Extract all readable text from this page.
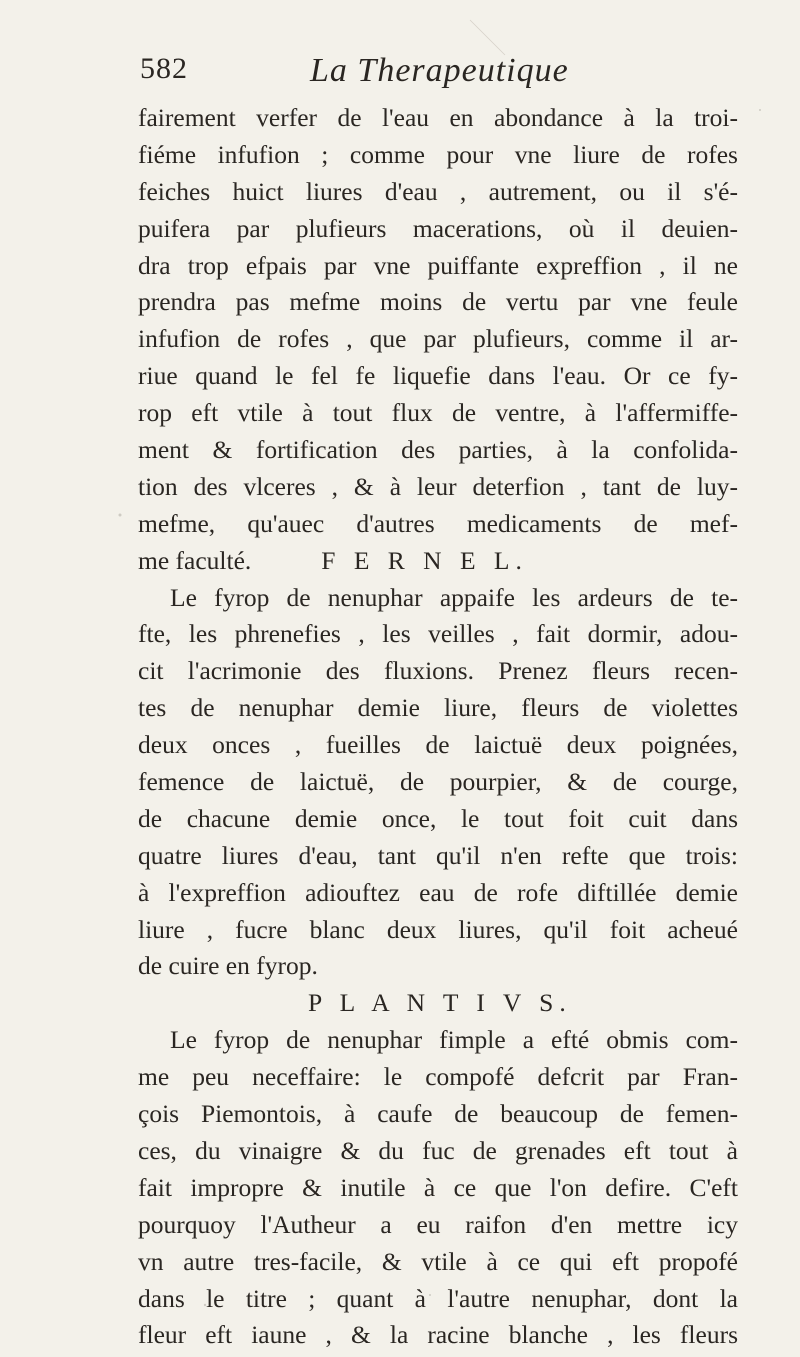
582	La Therapeutique
fairement verfer de l'eau en abondance à la troi-
fiéme infufion ; comme pour vne liure de rofes
feiches huict liures d'eau , autrement, ou il s'é-
puifera par plufieurs macerations, où il deuien-
dra trop efpais par vne puiffante expreffion , il ne
prendra pas mefme moins de vertu par vne feule
infufion de rofes , que par plufieurs, comme il ar-
riue quand le fel fe liquefie dans l'eau. Or ce fy-
rop eft vtile à tout flux de ventre, à l'affermiffe-
ment & fortification des parties, à la confolida-
tion des vlceres , & à leur deterfion , tant de luy-
mefme, qu'auec d'autres medicaments de mef-
me faculté.	F E R N E L.
Le fyrop de nenuphar appaife les ardeurs de te-
fte, les phrenefies , les veilles , fait dormir, adou-
cit l'acrimonie des fluxions. Prenez fleurs recen-
tes de nenuphar demie liure, fleurs de violettes
deux onces , fueilles de laictuë deux poignées,
femence de laictuë, de pourpier, & de courge,
de chacune demie once, le tout foit cuit dans
quatre liures d'eau, tant qu'il n'en refte que trois:
à l'expreffion adiouftez eau de rofe diftillée demie
liure , fucre blanc deux liures, qu'il foit acheué
de cuire en fyrop.
P L A N T I V S.
Le fyrop de nenuphar fimple a efté obmis com-
me peu neceffaire: le compofé defcrit par Fran-
çois Piemontois, à caufe de beaucoup de femen-
ces, du vinaigre & du fuc de grenades eft tout à
fait impropre & inutile à ce que l'on defire. C'eft
pourquoy l'Autheur a eu raifon d'en mettre icy
vn autre tres-facile, & vtile à ce qui eft propofé
dans le titre ; quant à l'autre nenuphar, dont la
fleur eft iaune , & la racine blanche , les fleurs
